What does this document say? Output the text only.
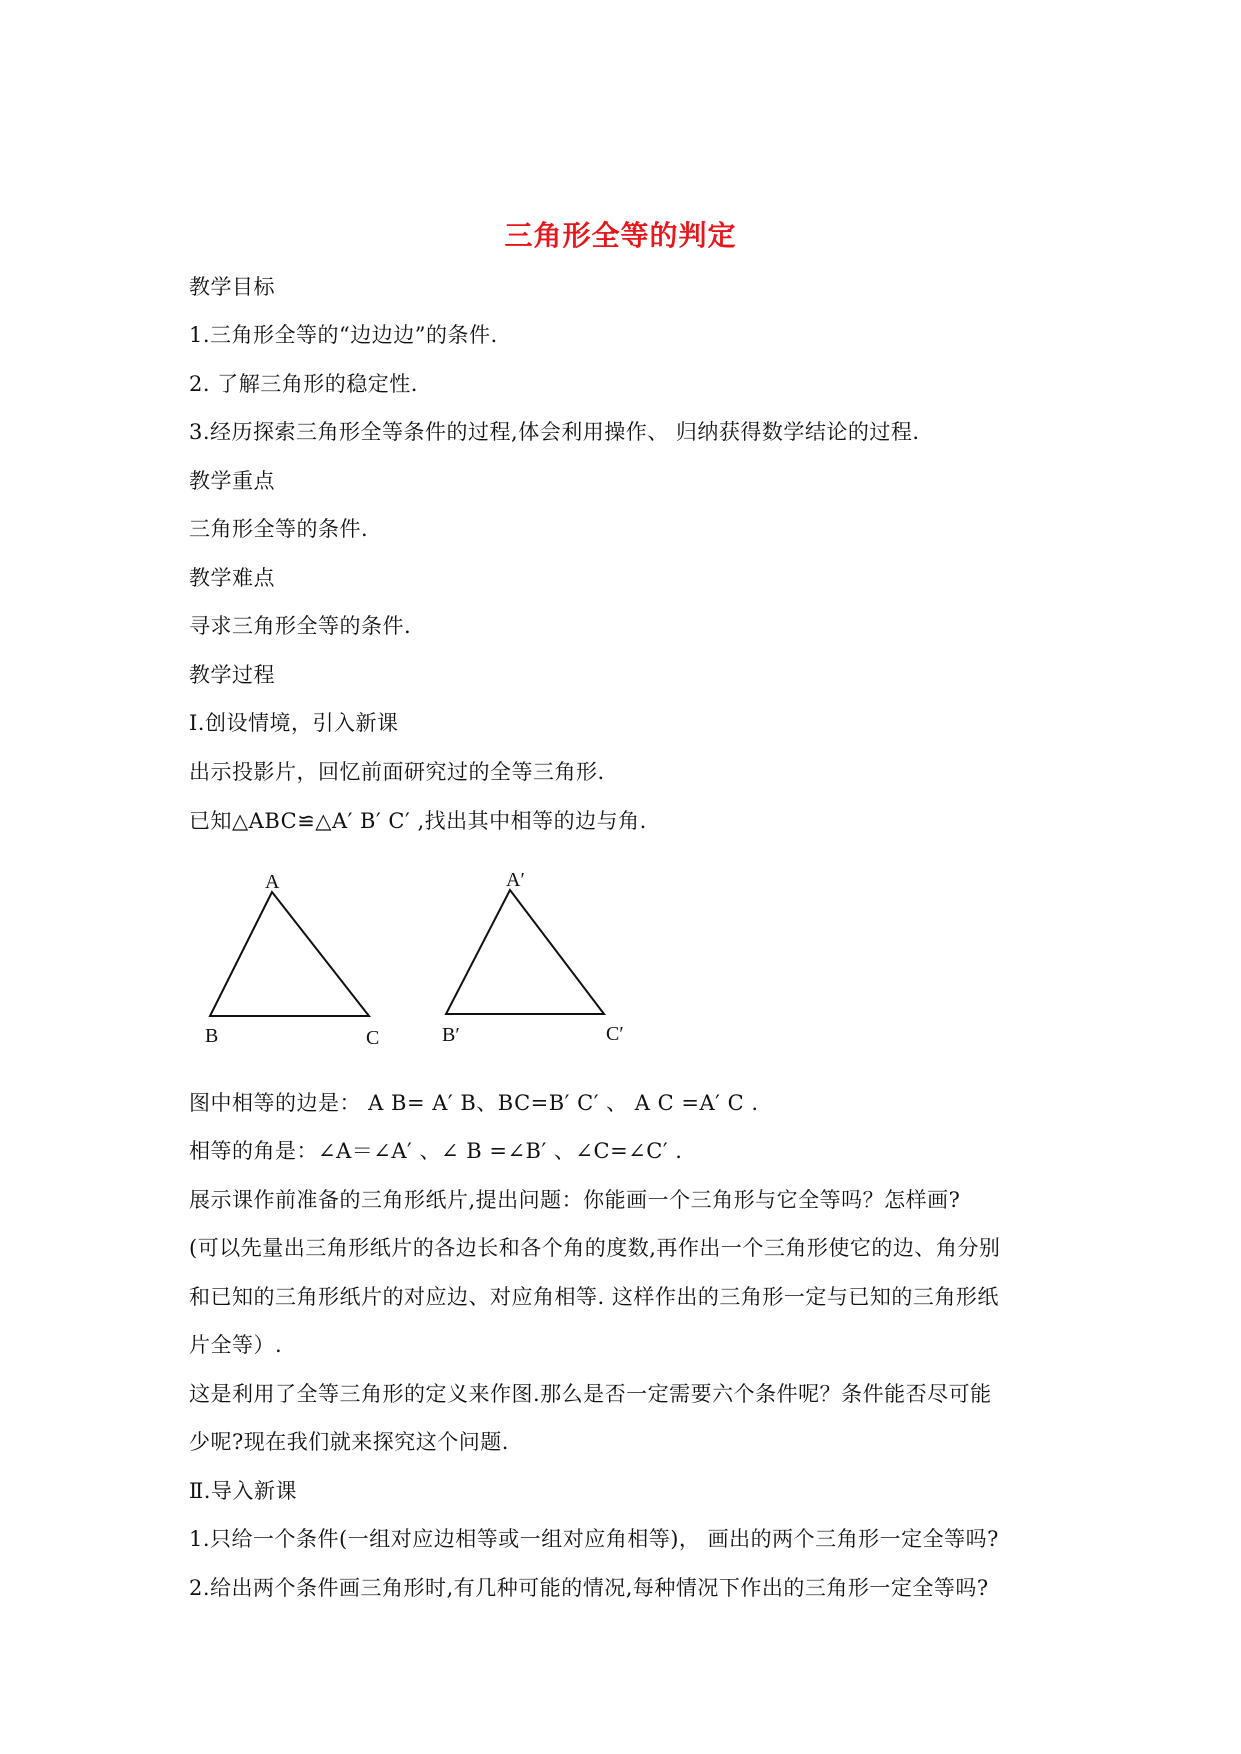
三角形全等的判定
教学目标
1.三角形全等的“边边边”的条件.
2. 了解三角形的稳定性.
3.经历探索三角形全等条件的过程,体会利用操作、 归纳获得数学结论的过程.
教学重点
三角形全等的条件.
教学难点
寻求三角形全等的条件.
教学过程
Ⅰ.创设情境，引入新课
出示投影片，回忆前面研究过的全等三角形.
已知△ABC≌△A′ B′ C′ ,找出其中相等的边与角.
A
B	C
A′
B′	C′
图中相等的边是： A B= A′ B、BC=B′ C′ 、 A C =A′ C .
相等的角是：∠A＝∠A′ 、∠ B =∠B′ 、∠C=∠C′ .
展示课作前准备的三角形纸片,提出问题：你能画一个三角形与它全等吗？怎样画?
(可以先量出三角形纸片的各边长和各个角的度数,再作出一个三角形使它的边、角分别
和已知的三角形纸片的对应边、对应角相等. 这样作出的三角形一定与已知的三角形纸
片全等）.
这是利用了全等三角形的定义来作图.那么是否一定需要六个条件呢？条件能否尽可能
少呢?现在我们就来探究这个问题.
Ⅱ.导入新课
1.只给一个条件(一组对应边相等或一组对应角相等)， 画出的两个三角形一定全等吗?
2.给出两个条件画三角形时,有几种可能的情况,每种情况下作出的三角形一定全等吗?
